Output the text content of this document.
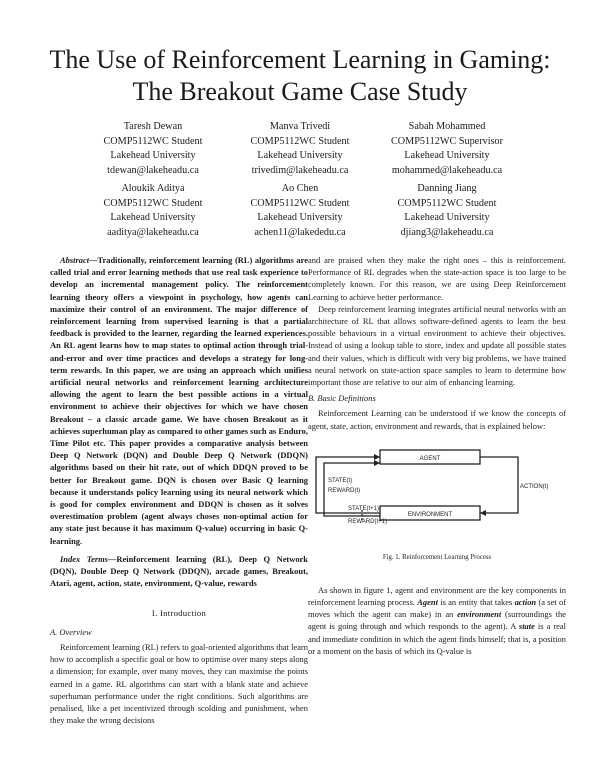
The Use of Reinforcement Learning in Gaming:
The Breakout Game Case Study
Taresh Dewan
COMP5112WC Student
Lakehead University
tdewan@lakeheadu.ca
Manva Trivedi
COMP5112WC Student
Lakehead University
trivedim@lakeheadu.ca
Sabah Mohammed
COMP5112WC Supervisor
Lakehead University
mohammed@lakeheadu.ca
Aloukik Aditya
COMP5112WC Student
Lakehead University
aaditya@lakeheadu.ca
Ao Chen
COMP5112WC Student
Lakehead University
achen11@lakededu.ca
Danning Jiang
COMP5112WC Student
Lakehead University
djiang3@lakeheadu.ca

Abstract—Traditionally, reinforcement learning (RL) algorithms are called trial and error learning methods that use real task experience to develop an incremental management policy. The reinforcement learning theory offers a viewpoint in psychology, how agents can maximize their control of an environment. The major difference of reinforcement learning from supervised learning is that a partial feedback is provided to the learner, regarding the learned experiences. An RL agent learns how to map states to optimal action through trial-and-error and over time practices and develops a strategy for long-term rewards. In this paper, we are using an approach which unifies artificial neural networks and reinforcement learning architecture allowing the agent to learn the best possible actions in a virtual environment to achieve their objectives for which we have chosen Breakout – a classic arcade game. We have chosen Breakout as it achieves superhuman play as compared to other games such as Enduro, Time Pilot etc. This paper provides a comparative analysis between Deep Q Network (DQN) and Double Deep Q Network (DDQN) algorithms based on their hit rate, out of which DDQN proved to be better for Breakout game. DQN is chosen over Basic Q learning because it understands policy learning using its neural network which is good for complex environment and DDQN is chosen as it solves overestimation problem (agent always choses non-optimal action for any state just because it has maximum Q-value) occurring in basic Q-learning.

Index Terms—Reinforcement learning (RL), Deep Q Network (DQN), Double Deep Q Network (DDQN), arcade games, Breakout, Atari, agent, action, state, environment, Q-value, rewards

I. Introduction
A. Overview

Reinforcement learning (RL) refers to goal-oriented algorithms that learn how to accomplish a specific goal or how to optimise over many steps along a dimension; for example, over many moves, they can maximise the points earned in a game. RL algorithms can start with a blank state and achieve superhuman performance under the right conditions. Such algorithms are penalised, like a pet incentivized through scolding and punishment, when they make the wrong decisions

and are praised when they make the right ones – this is reinforcement. Performance of RL degrades when the state-action space is too large to be completely known. For this reason, we are using Deep Reinforcement Learning to achieve better performance.

Deep reinforcement learning integrates artificial neural networks with an architecture of RL that allows software-defined agents to learn the best possible behaviours in a virtual environment to achieve their objectives. Instead of using a lookup table to store, index and update all possible states and their values, which is difficult with very big problems, we have trained a neural network on state-action space samples to learn to determine how important those are relative to our aim of enhancing learning.

B. Basic Definitions

Reinforcement Learning can be understood if we know the concepts of agent, state, action, environment and rewards, that is explained below:

AGENT
ENVIRONMENT
STATE(t)
REWARD(t)
STATE(t+1)
REWARD(t+1)
ACTION(t)
Fig. 1. Reinforcement Learning Process

As shown in figure 1, agent and environment are the key components in reinforcement learning process. Agent is an entity that takes action (a set of moves which the agent can make) in an environment (surroundings the agent is going through and which responds to the agent). A state is a real and immediate condition in which the agent finds himself; that is, a position or a moment on the basis of which its Q-value is
